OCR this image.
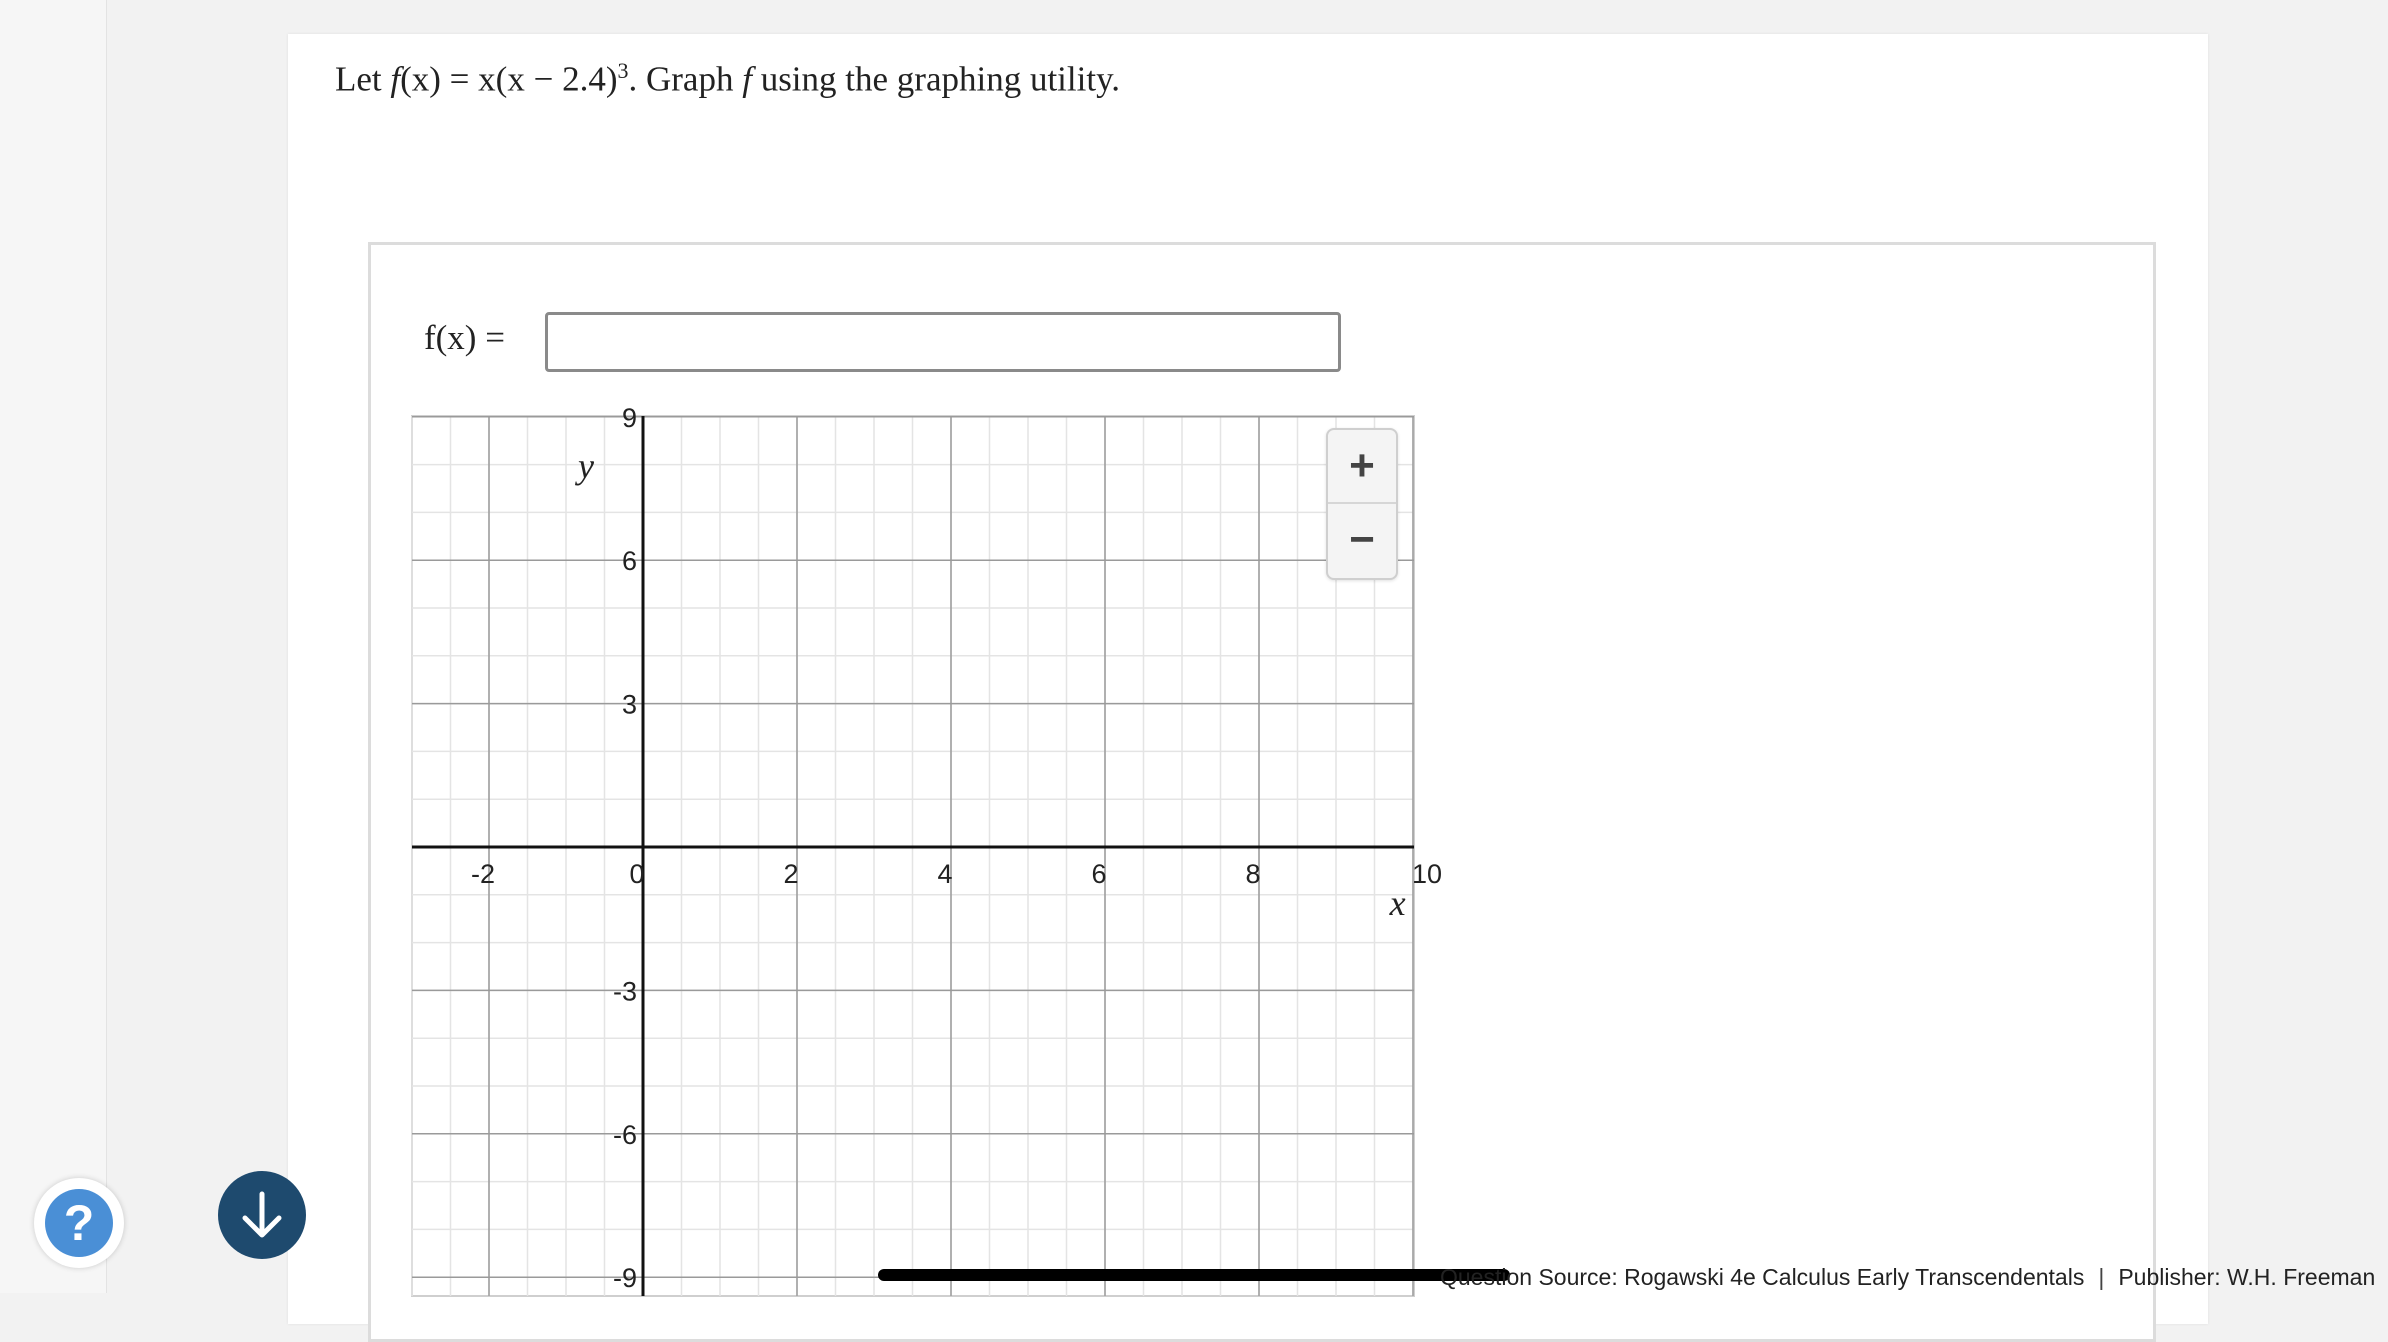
Let $f(x) = x(x - 2.4)^3$. Graph f using the graphing utility.
f(x) =
-2	0	2	4	6	8	10
9
6
3
-3
-6
-9
y
x
+
−
?
Question Source: Rogawski 4e Calculus Early Transcendentals | Publisher: W.H. Freeman
